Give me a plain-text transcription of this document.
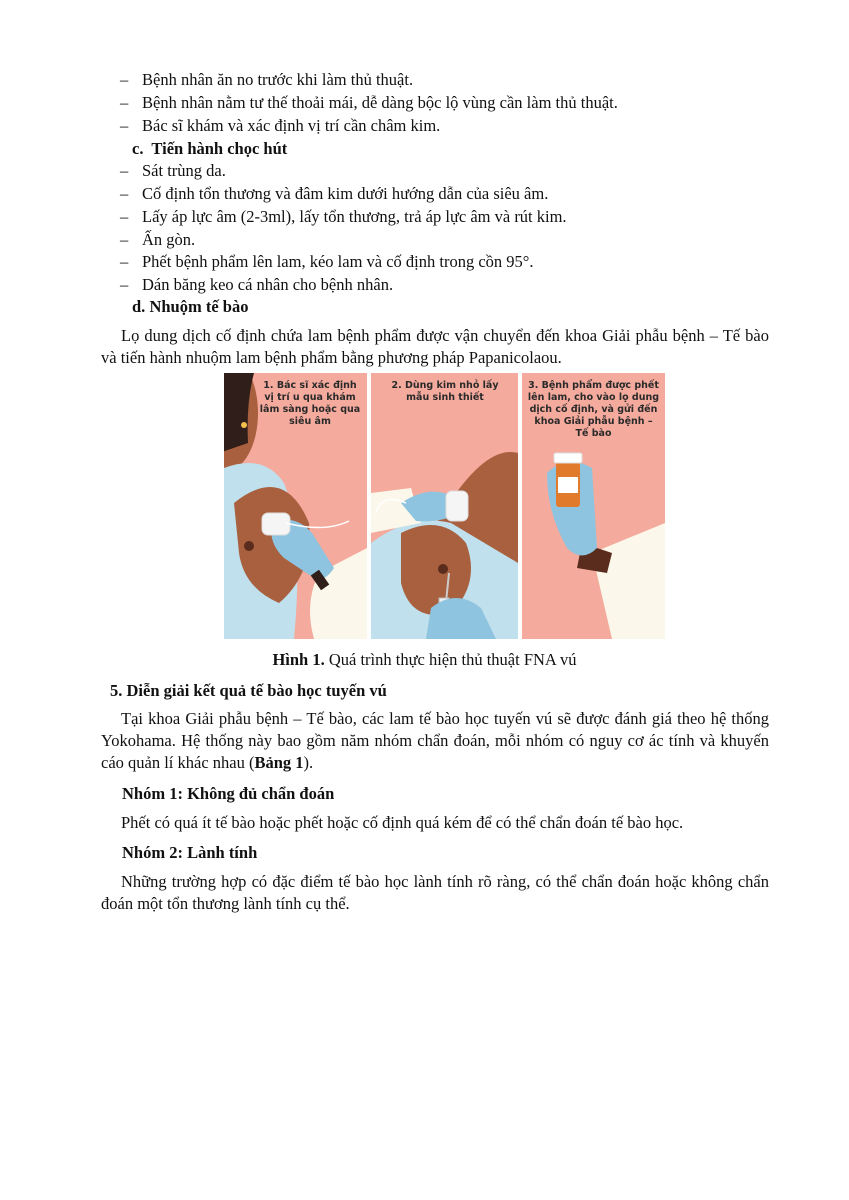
– Bệnh nhân ăn no trước khi làm thủ thuật.
– Bệnh nhân nằm tư thế thoải mái, dễ dàng bộc lộ vùng cần làm thủ thuật.
– Bác sĩ khám và xác định vị trí cần châm kim.
c. Tiến hành chọc hút
– Sát trùng da.
– Cố định tổn thương và đâm kim dưới hướng dẫn của siêu âm.
– Lấy áp lực âm (2-3ml), lấy tổn thương, trả áp lực âm và rút kim.
– Ấn gòn.
– Phết bệnh phẩm lên lam, kéo lam và cố định trong cồn 95°.
– Dán băng keo cá nhân cho bệnh nhân.
d. Nhuộm tế bào
Lọ dung dịch cố định chứa lam bệnh phẩm được vận chuyển đến khoa Giải phẫu bệnh – Tế bào và tiến hành nhuộm lam bệnh phẩm bằng phương pháp Papanicolaou.
1. Bác sĩ xác định
vị trí u qua khám
lâm sàng hoặc qua
siêu âm
2. Dùng kim nhỏ lấy
mẫu sinh thiết
3. Bệnh phẩm được phết
lên lam, cho vào lọ dung
dịch cố định, và gửi đến
khoa Giải phẫu bệnh –
Tế bào
Hình 1. Quá trình thực hiện thủ thuật FNA vú
5. Diễn giải kết quả tế bào học tuyến vú
Tại khoa Giải phẫu bệnh – Tế bào, các lam tế bào học tuyến vú sẽ được đánh giá theo hệ thống Yokohama. Hệ thống này bao gồm năm nhóm chẩn đoán, mỗi nhóm có nguy cơ ác tính và khuyến cáo quản lí khác nhau (Bảng 1).
Nhóm 1: Không đủ chẩn đoán
Phết có quá ít tế bào hoặc phết hoặc cố định quá kém để có thể chẩn đoán tế bào học.
Nhóm 2: Lành tính
Những trường hợp có đặc điểm tế bào học lành tính rõ ràng, có thể chẩn đoán hoặc không chẩn đoán một tổn thương lành tính cụ thể.
